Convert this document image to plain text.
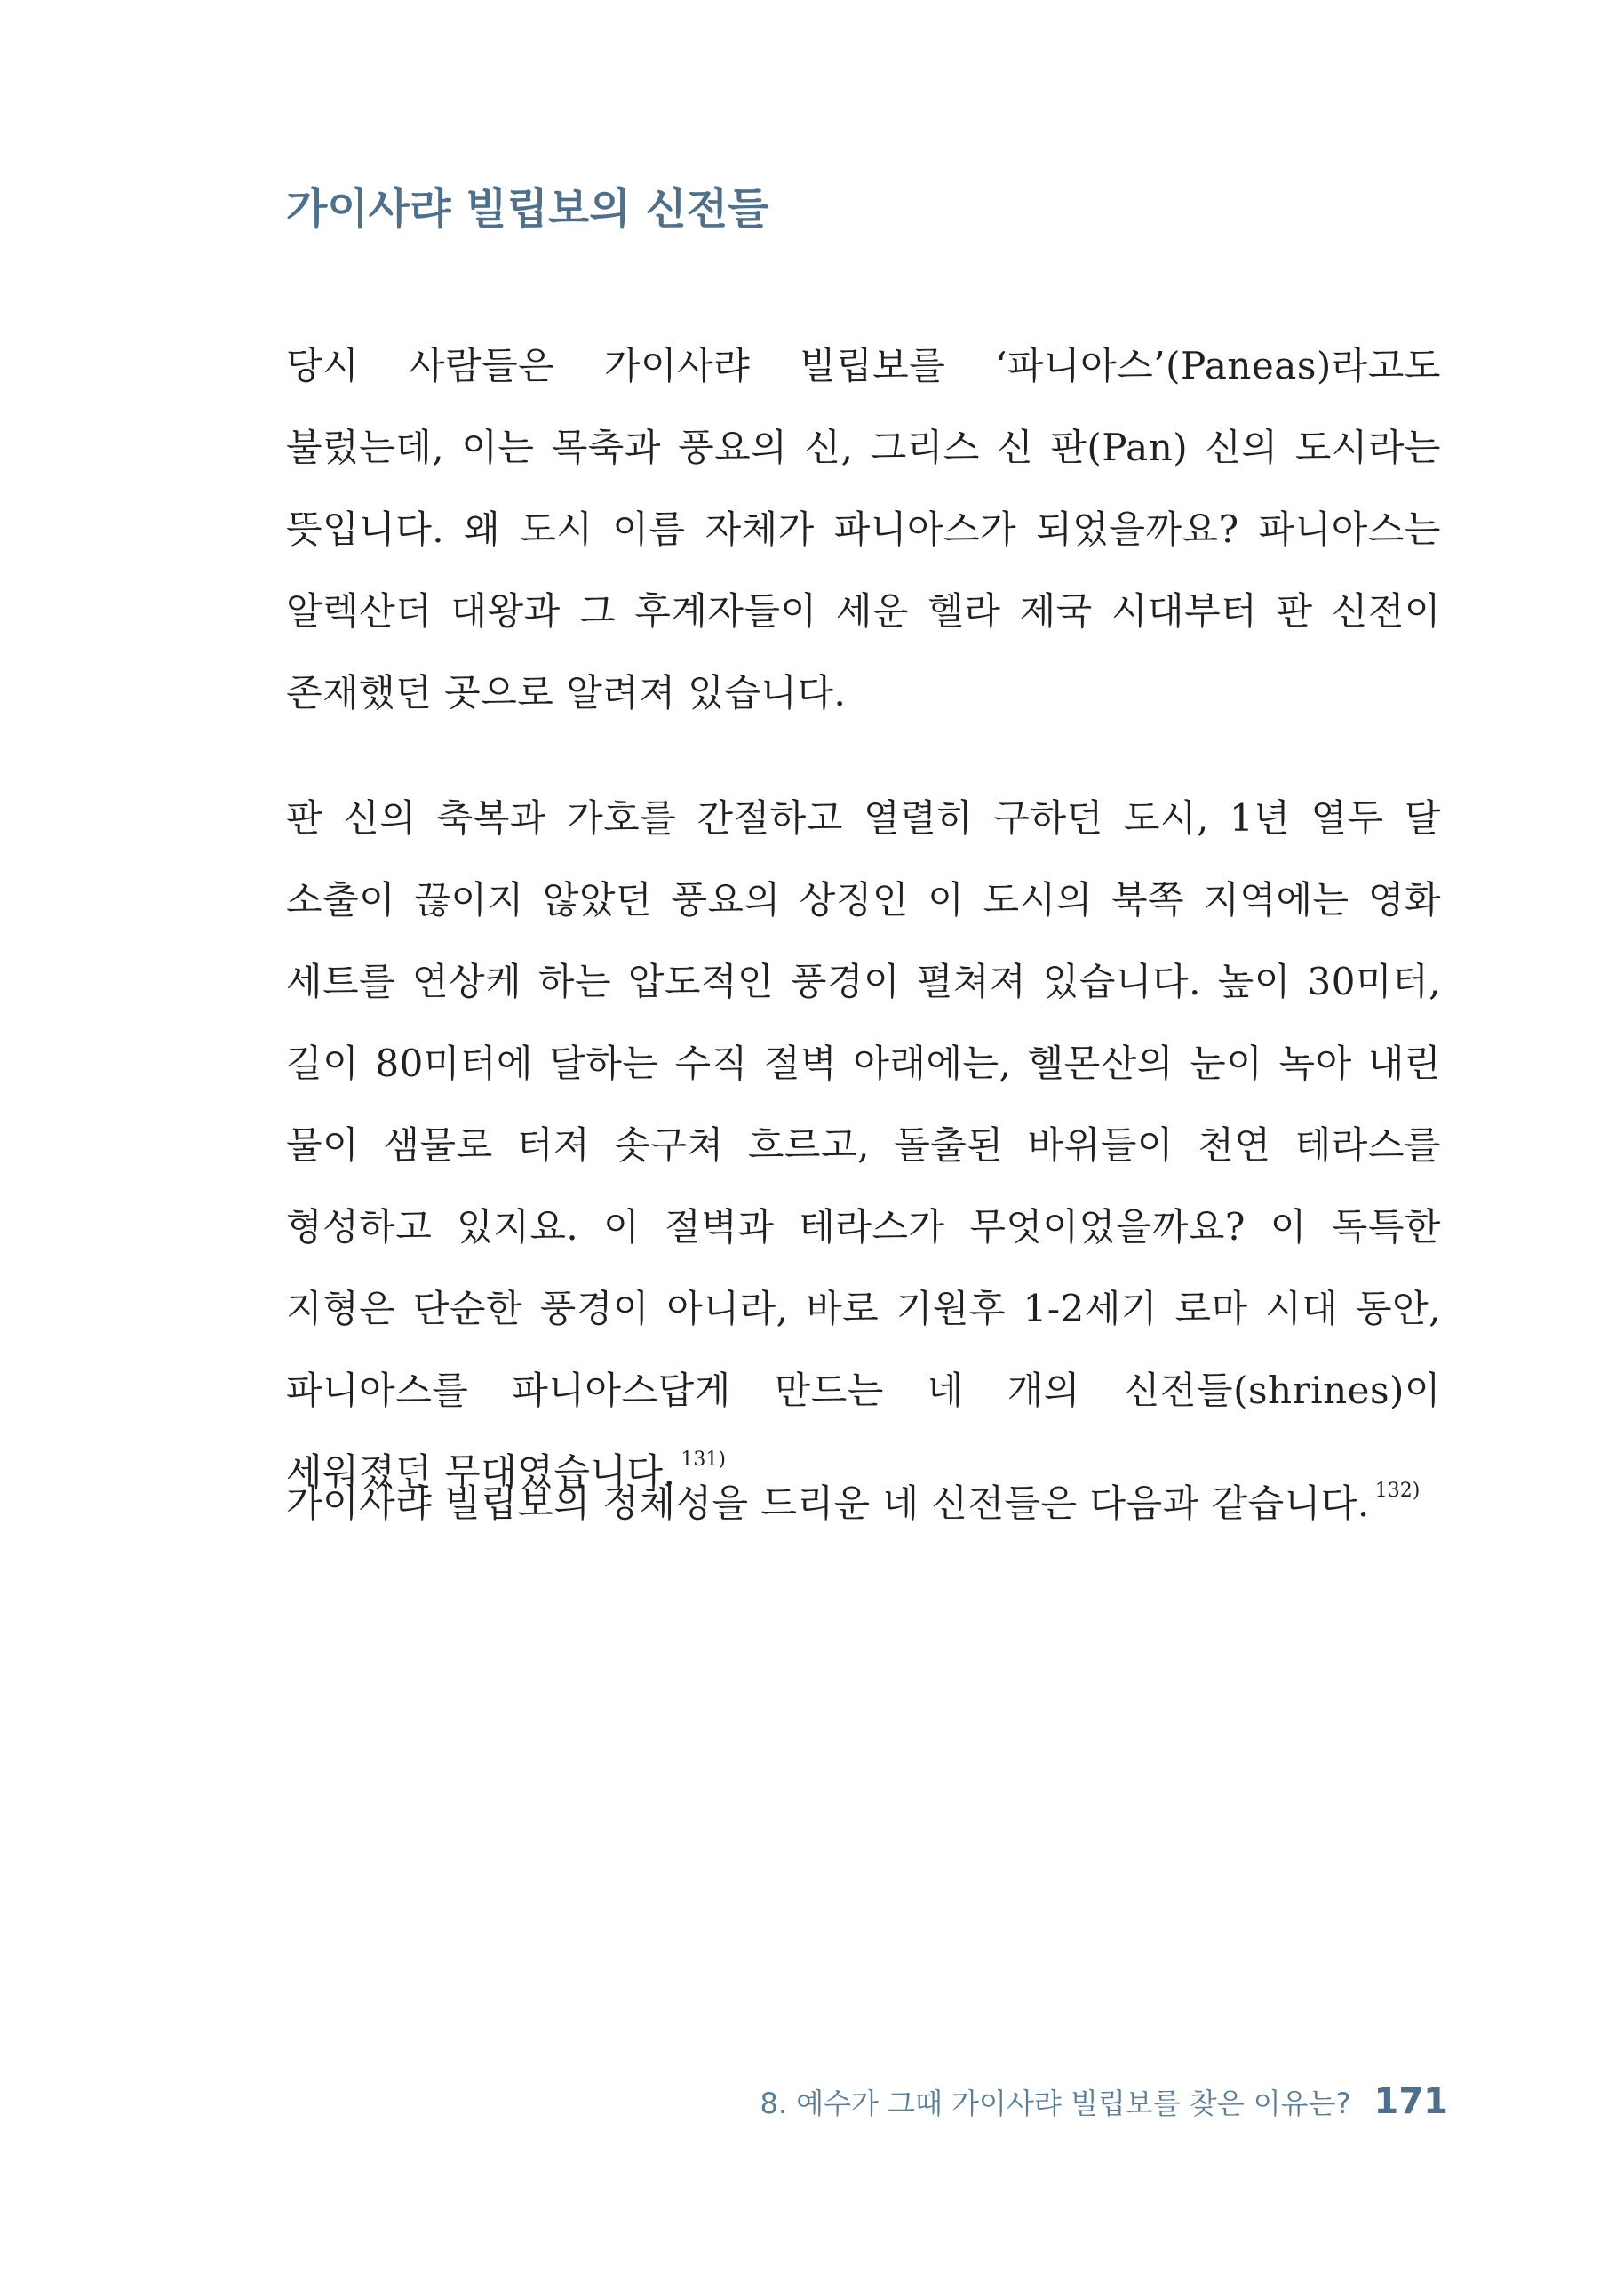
가이사랴 빌립보의 신전들

당시 사람들은 가이사랴 빌립보를 ‘파니아스’(Paneas)라고도 불렀는데, 이는 목축과 풍요의 신, 그리스 신 판(Pan) 신의 도시라는 뜻입니다. 왜 도시 이름 자체가 파니아스가 되었을까요? 파니아스는 알렉산더 대왕과 그 후계자들이 세운 헬라 제국 시대부터 판 신전이 존재했던 곳으로 알려져 있습니다.

판 신의 축복과 가호를 간절하고 열렬히 구하던 도시, 1년 열두 달 소출이 끊이지 않았던 풍요의 상징인 이 도시의 북쪽 지역에는 영화 세트를 연상케 하는 압도적인 풍경이 펼쳐져 있습니다. 높이 30미터, 길이 80미터에 달하는 수직 절벽 아래에는, 헬몬산의 눈이 녹아 내린 물이 샘물로 터져 솟구쳐 흐르고, 돌출된 바위들이 천연 테라스를 형성하고 있지요. 이 절벽과 테라스가 무엇이었을까요? 이 독특한 지형은 단순한 풍경이 아니라, 바로 기원후 1-2세기 로마 시대 동안, 파니아스를 파니아스답게 만드는 네 개의 신전들(shrines)이 세워졌던 무대였습니다. $^{131)}$

가이사랴 빌립보의 정체성을 드리운 네 신전들은 다음과 같습니다. $^{132)}$

8. 예수가 그때 가이사랴 빌립보를 찾은 이유는? 171
